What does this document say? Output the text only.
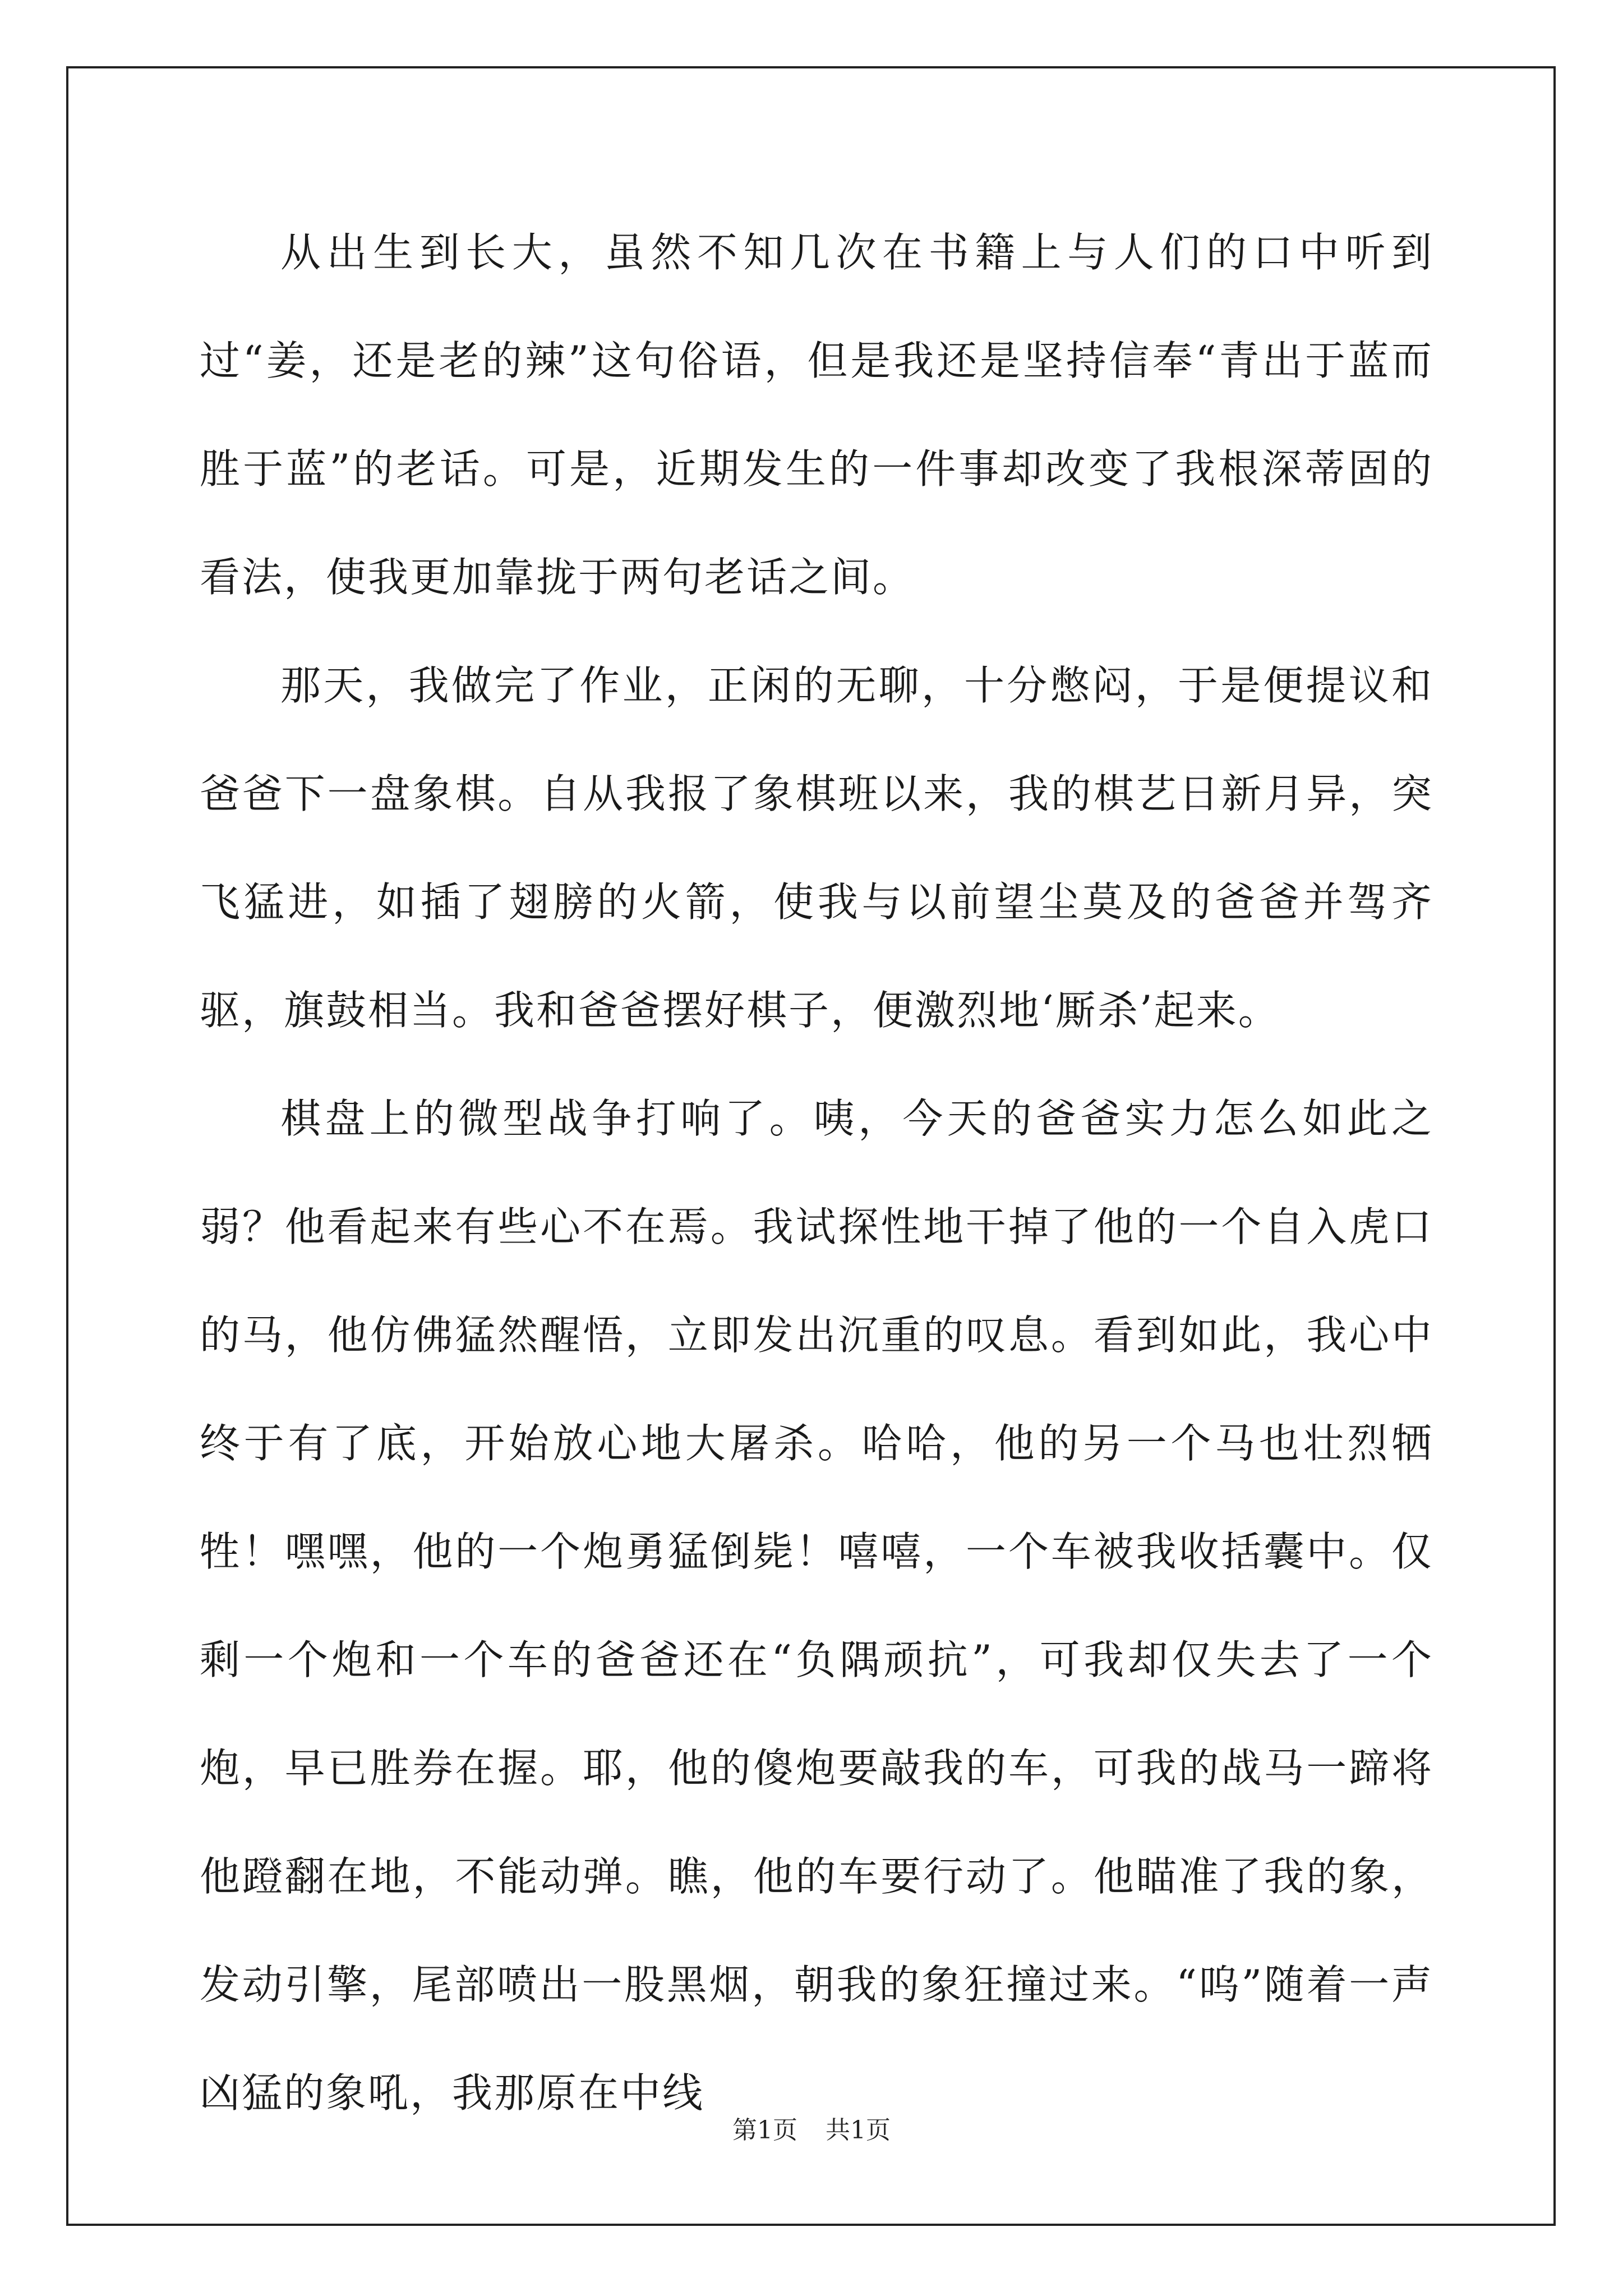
从出生到长大，虽然不知几次在书籍上与人们的口中听到过“姜，还是老的辣”这句俗语，但是我还是坚持信奉“青出于蓝而胜于蓝”的老话。可是，近期发生的一件事却改变了我根深蒂固的看法，使我更加靠拢于两句老话之间。

那天，我做完了作业，正闲的无聊，十分憋闷，于是便提议和爸爸下一盘象棋。自从我报了象棋班以来，我的棋艺日新月异，突飞猛进，如插了翅膀的火箭，使我与以前望尘莫及的爸爸并驾齐驱，旗鼓相当。我和爸爸摆好棋子，便激烈地‘厮杀’起来。

棋盘上的微型战争打响了。咦，今天的爸爸实力怎么如此之弱？他看起来有些心不在焉。我试探性地干掉了他的一个自入虎口的马，他仿佛猛然醒悟，立即发出沉重的叹息。看到如此，我心中终于有了底，开始放心地大屠杀。哈哈，他的另一个马也壮烈牺牲！嘿嘿，他的一个炮勇猛倒毙！嘻嘻，一个车被我收括囊中。仅剩一个炮和一个车的爸爸还在“负隅顽抗”，可我却仅失去了一个炮，早已胜券在握。耶，他的傻炮要敲我的车，可我的战马一蹄将他蹬翻在地，不能动弹。瞧，他的车要行动了。他瞄准了我的象，发动引擎，尾部喷出一股黑烟，朝我的象狂撞过来。“呜”随着一声凶猛的象吼，我那原在中线

第1页 共1页
